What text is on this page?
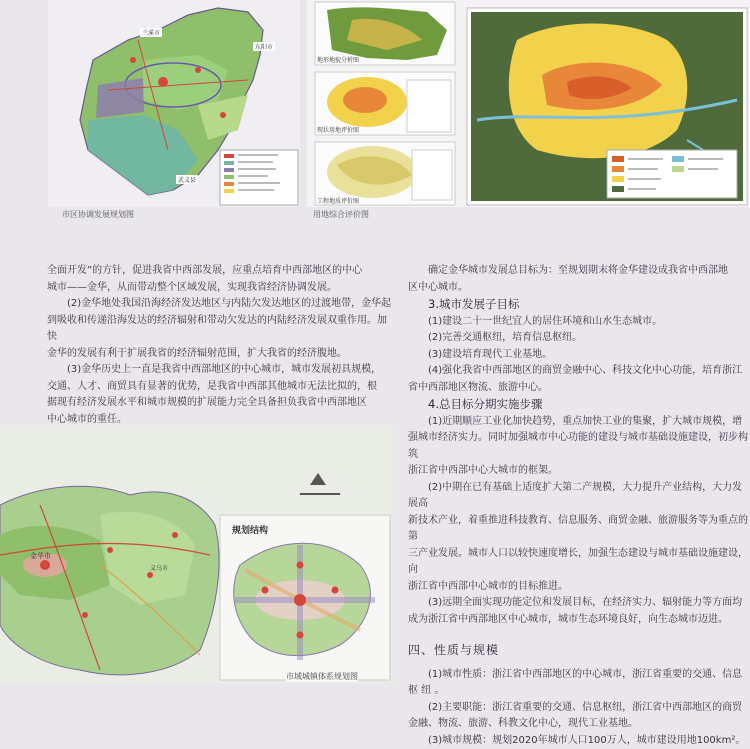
武义县
兰溪市
东阳市
市区协调发展规划图
地形地貌分析图
现状用地评价图
工程地质评价图
用地综合评价图

全面开发”的方针，促进我省中西部发展，应重点培育中西部地区的中心

城市——金华，从而带动整个区域发展，实现我省经济协调发展。

(2)金华地处我国沿海经济发达地区与内陆欠发达地区的过渡地带，金华起

到吸收和传递沿海发达的经济辐射和带动欠发达的内陆经济发展双重作用。加快

金华的发展有利于扩展我省的经济辐射范围，扩大我省的经济腹地。

(3)金华历史上一直是我省中西部地区的中心城市，城市发展初具规模，

交通、人才、商贸具有显著的优势，是我省中西部其他城市无法比拟的，根

据现有经济发展水平和城市规模的扩展能力完全具备担负我省中西部地区

中心城市的重任。

金华市
义乌市
规划结构
市域城镇体系规划图

确定金华城市发展总目标为：至规划期末将金华建设成我省中西部地

区中心城市。

3.城市发展子目标

(1)建设二十一世纪宜人的居住环境和山水生态城市。

(2)完善交通枢纽，培育信息枢纽。

(3)建设培育现代工业基地。

(4)强化我省中西部地区的商贸金融中心、科技文化中心功能，培育浙江

省中西部地区物流、旅游中心。

4.总目标分期实施步骤

(1)近期顺应工业化加快趋势，重点加快工业的集聚，扩大城市规模，增

强城市经济实力。同时加强城市中心功能的建设与城市基础设施建设，初步构筑

浙江省中西部中心大城市的框架。

(2)中期在已有基础上适度扩大第二产规模，大力提升产业结构，大力发展高

新技术产业，着重推进科技教育、信息服务、商贸金融、旅游服务等为重点的第

三产业发展。城市人口以较快速度增长，加强生态建设与城市基础设施建设，向

浙江省中西部中心城市的目标推进。

(3)远期全面实现功能定位和发展目标，在经济实力、辐射能力等方面均

成为浙江省中西部地区中心城市，城市生态环境良好，向生态城市迈进。

四、性质与规模

(1)城市性质：浙江省中西部地区的中心城市，浙江省重要的交通、信息

枢 纽 。

(2)主要职能：浙江省重要的交通、信息枢纽，浙江省中西部地区的商贸

金融、物流、旅游、科教文化中心，现代工业基地。

(3)城市规模：规划2020年城市人口100万人，城市建设用地100km²。
